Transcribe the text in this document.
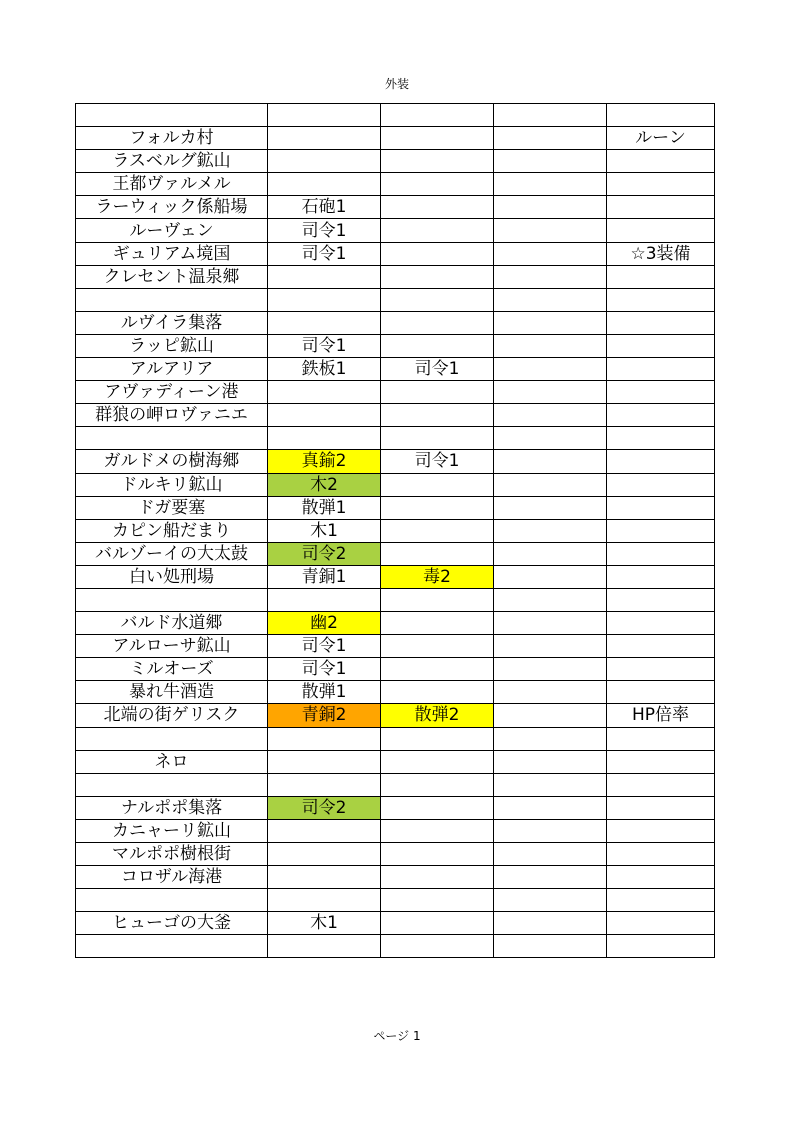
外装

フォルカ村				ルーン
ラスベルグ鉱山				
王都ヴァルメル				
ラーウィック係船場	石砲1			
ルーヴェン	司令1			
ギュリアム境国	司令1			☆3装備
クレセント温泉郷				

ルヴイラ集落				
ラッピ鉱山	司令1			
アルアリア	鉄板1	司令1		
アヴァディーン港				
群狼の岬ロヴァニエ				

ガルドメの樹海郷	真鍮2	司令1		
ドルキリ鉱山	木2			
ドガ要塞	散弾1			
カピン船だまり	木1			
バルゾーイの大太鼓	司令2			
白い処刑場	青銅1	毒2		

バルド水道郷	幽2			
アルローサ鉱山	司令1			
ミルオーズ	司令1			
暴れ牛酒造	散弾1			
北端の街ゲリスク	青銅2	散弾2		HP倍率

ネロ				

ナルポポ集落	司令2			
カニャーリ鉱山				
マルポポ樹根街				
コロザル海港				

ヒューゴの大釜	木1			

ページ 1
